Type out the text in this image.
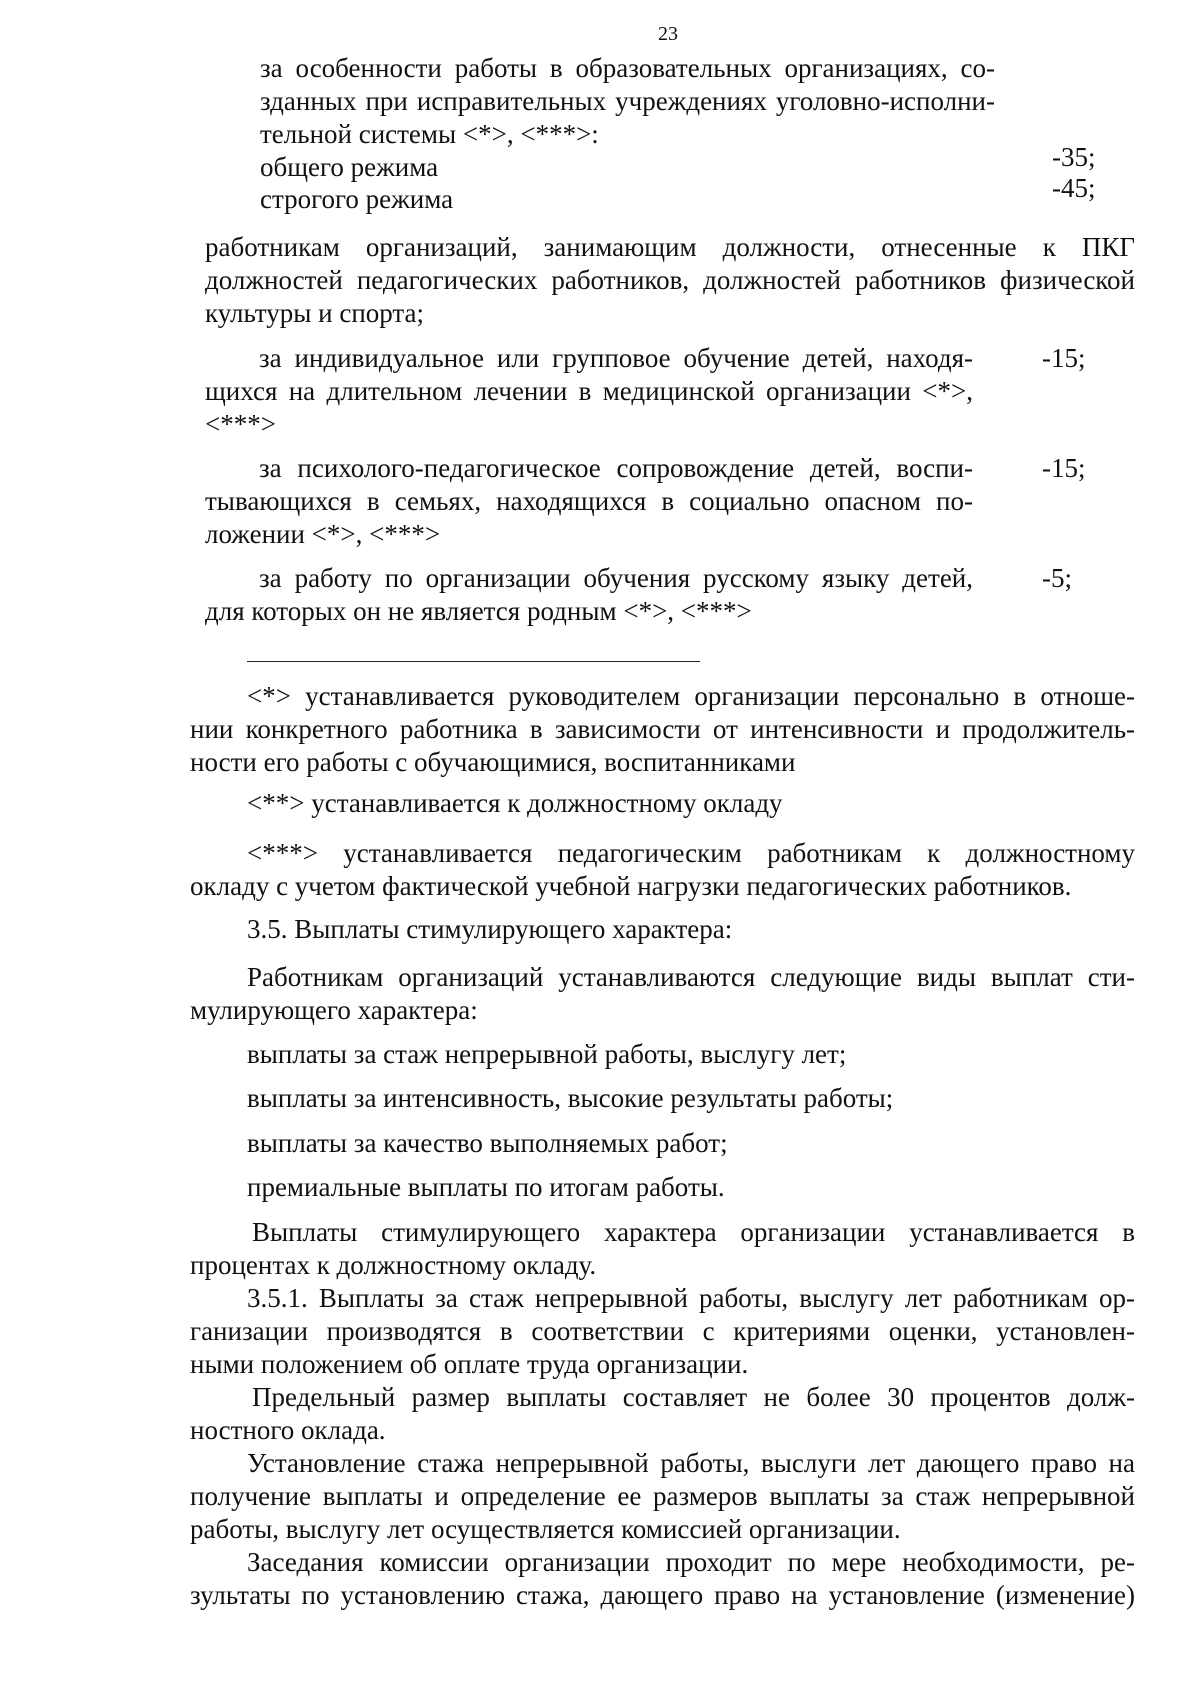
23
за особенности работы в образовательных организациях, со-
зданных при исправительных учреждениях уголовно-исполни-
тельной системы <*>, <***>:
общего режима	-35;
строгого режима	-45;
работникам организаций, занимающим должности, отнесенные к ПКГ
должностей педагогических работников, должностей работников физической
культуры и спорта;
за индивидуальное или групповое обучение детей, находя-
щихся на длительном лечении в медицинской организации <*>,
<***>
-15;
за психолого-педагогическое сопровождение детей, воспи-
тывающихся в семьях, находящихся в социально опасном по-
ложении <*>, <***>
-15;
за работу по организации обучения русскому языку детей,
для которых он не является родным <*>, <***>
-5;
<*> устанавливается руководителем организации персонально в отноше-
нии конкретного работника в зависимости от интенсивности и продолжитель-
ности его работы с обучающимися, воспитанниками
<**> устанавливается к должностному окладу
<***> устанавливается педагогическим работникам к должностному
окладу с учетом фактической учебной нагрузки педагогических работников.
3.5. Выплаты стимулирующего характера:
Работникам организаций устанавливаются следующие виды выплат сти-
мулирующего характера:
выплаты за стаж непрерывной работы, выслугу лет;
выплаты за интенсивность, высокие результаты работы;
выплаты за качество выполняемых работ;
премиальные выплаты по итогам работы.
Выплаты стимулирующего характера организации устанавливается в
процентах к должностному окладу.
3.5.1. Выплаты за стаж непрерывной работы, выслугу лет работникам ор-
ганизации производятся в соответствии с критериями оценки, установлен-
ными положением об оплате труда организации.
Предельный размер выплаты составляет не более 30 процентов долж-
ностного оклада.
Установление стажа непрерывной работы, выслуги лет дающего право на
получение выплаты и определение ее размеров выплаты за стаж непрерывной
работы, выслугу лет осуществляется комиссией организации.
Заседания комиссии организации проходит по мере необходимости, ре-
зультаты по установлению стажа, дающего право на установление (изменение)
